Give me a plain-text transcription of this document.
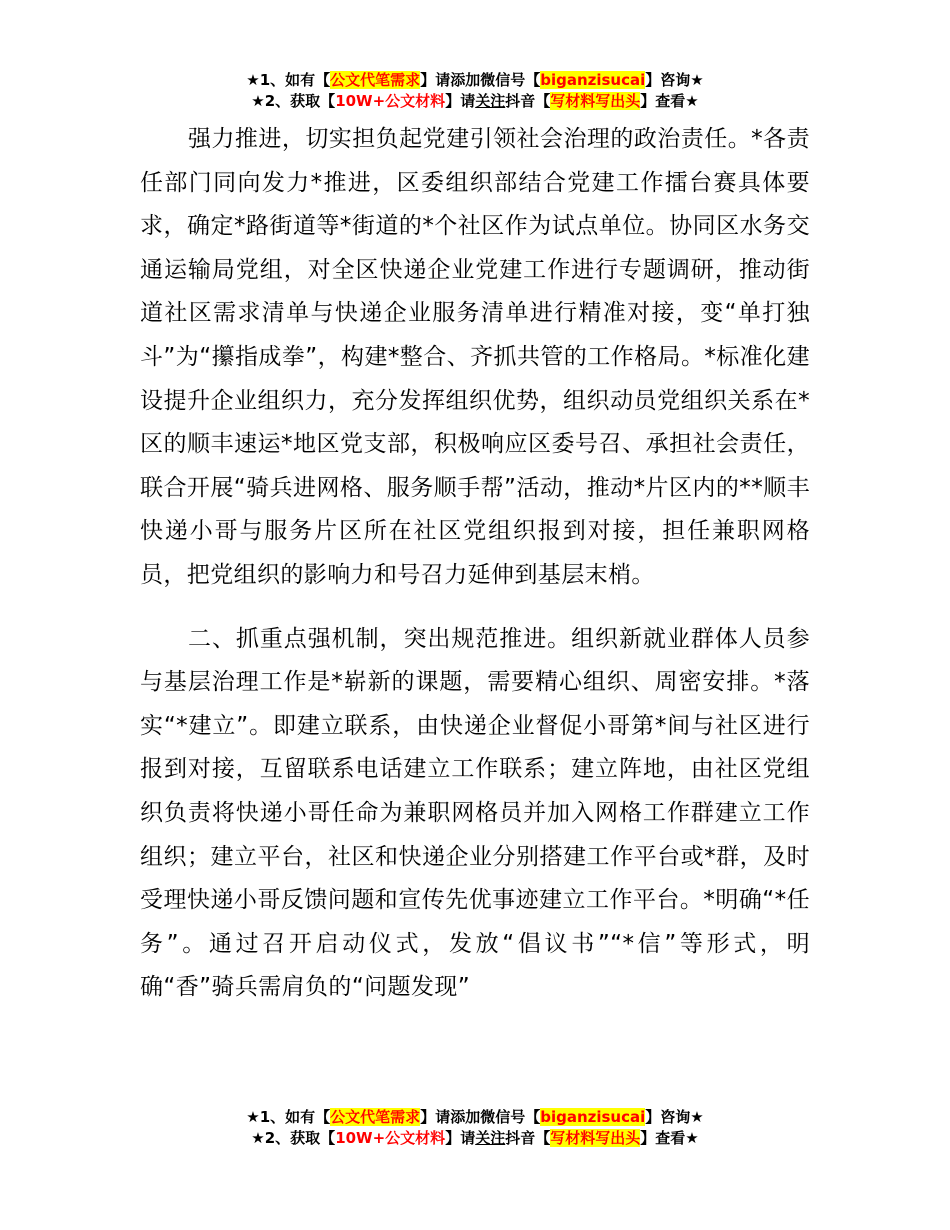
★1、如有【公文代笔需求】请添加微信号【biganzisucai】咨询★
★2、获取【10W+公文材料】请关注抖音【写材料写出头】查看★

强力推进，切实担负起党建引领社会治理的政治责任。*各责任部门同向发力*推进，区委组织部结合党建工作擂台赛具体要求，确定*路街道等*街道的*个社区作为试点单位。协同区水务交通运输局党组，对全区快递企业党建工作进行专题调研，推动街道社区需求清单与快递企业服务清单进行精准对接，变“单打独斗”为“攥指成拳”，构建*整合、齐抓共管的工作格局。*标准化建设提升企业组织力，充分发挥组织优势，组织动员党组织关系在*区的顺丰速运*地区党支部，积极响应区委号召、承担社会责任，联合开展“骑兵进网格、服务顺手帮”活动，推动*片区内的**顺丰快递小哥与服务片区所在社区党组织报到对接，担任兼职网格员，把党组织的影响力和号召力延伸到基层末梢。

二、抓重点强机制，突出规范推进。组织新就业群体人员参与基层治理工作是*崭新的课题，需要精心组织、周密安排。*落实“*建立”。即建立联系，由快递企业督促小哥第*间与社区进行报到对接，互留联系电话建立工作联系；建立阵地，由社区党组织负责将快递小哥任命为兼职网格员并加入网格工作群建立工作组织；建立平台，社区和快递企业分别搭建工作平台或*群，及时受理快递小哥反馈问题和宣传先优事迹建立工作平台。*明确“*任务”。通过召开启动仪式，发放“倡议书”“*信”等形式，明确“香”骑兵需肩负的“问题发现”

★1、如有【公文代笔需求】请添加微信号【biganzisucai】咨询★
★2、获取【10W+公文材料】请关注抖音【写材料写出头】查看★
